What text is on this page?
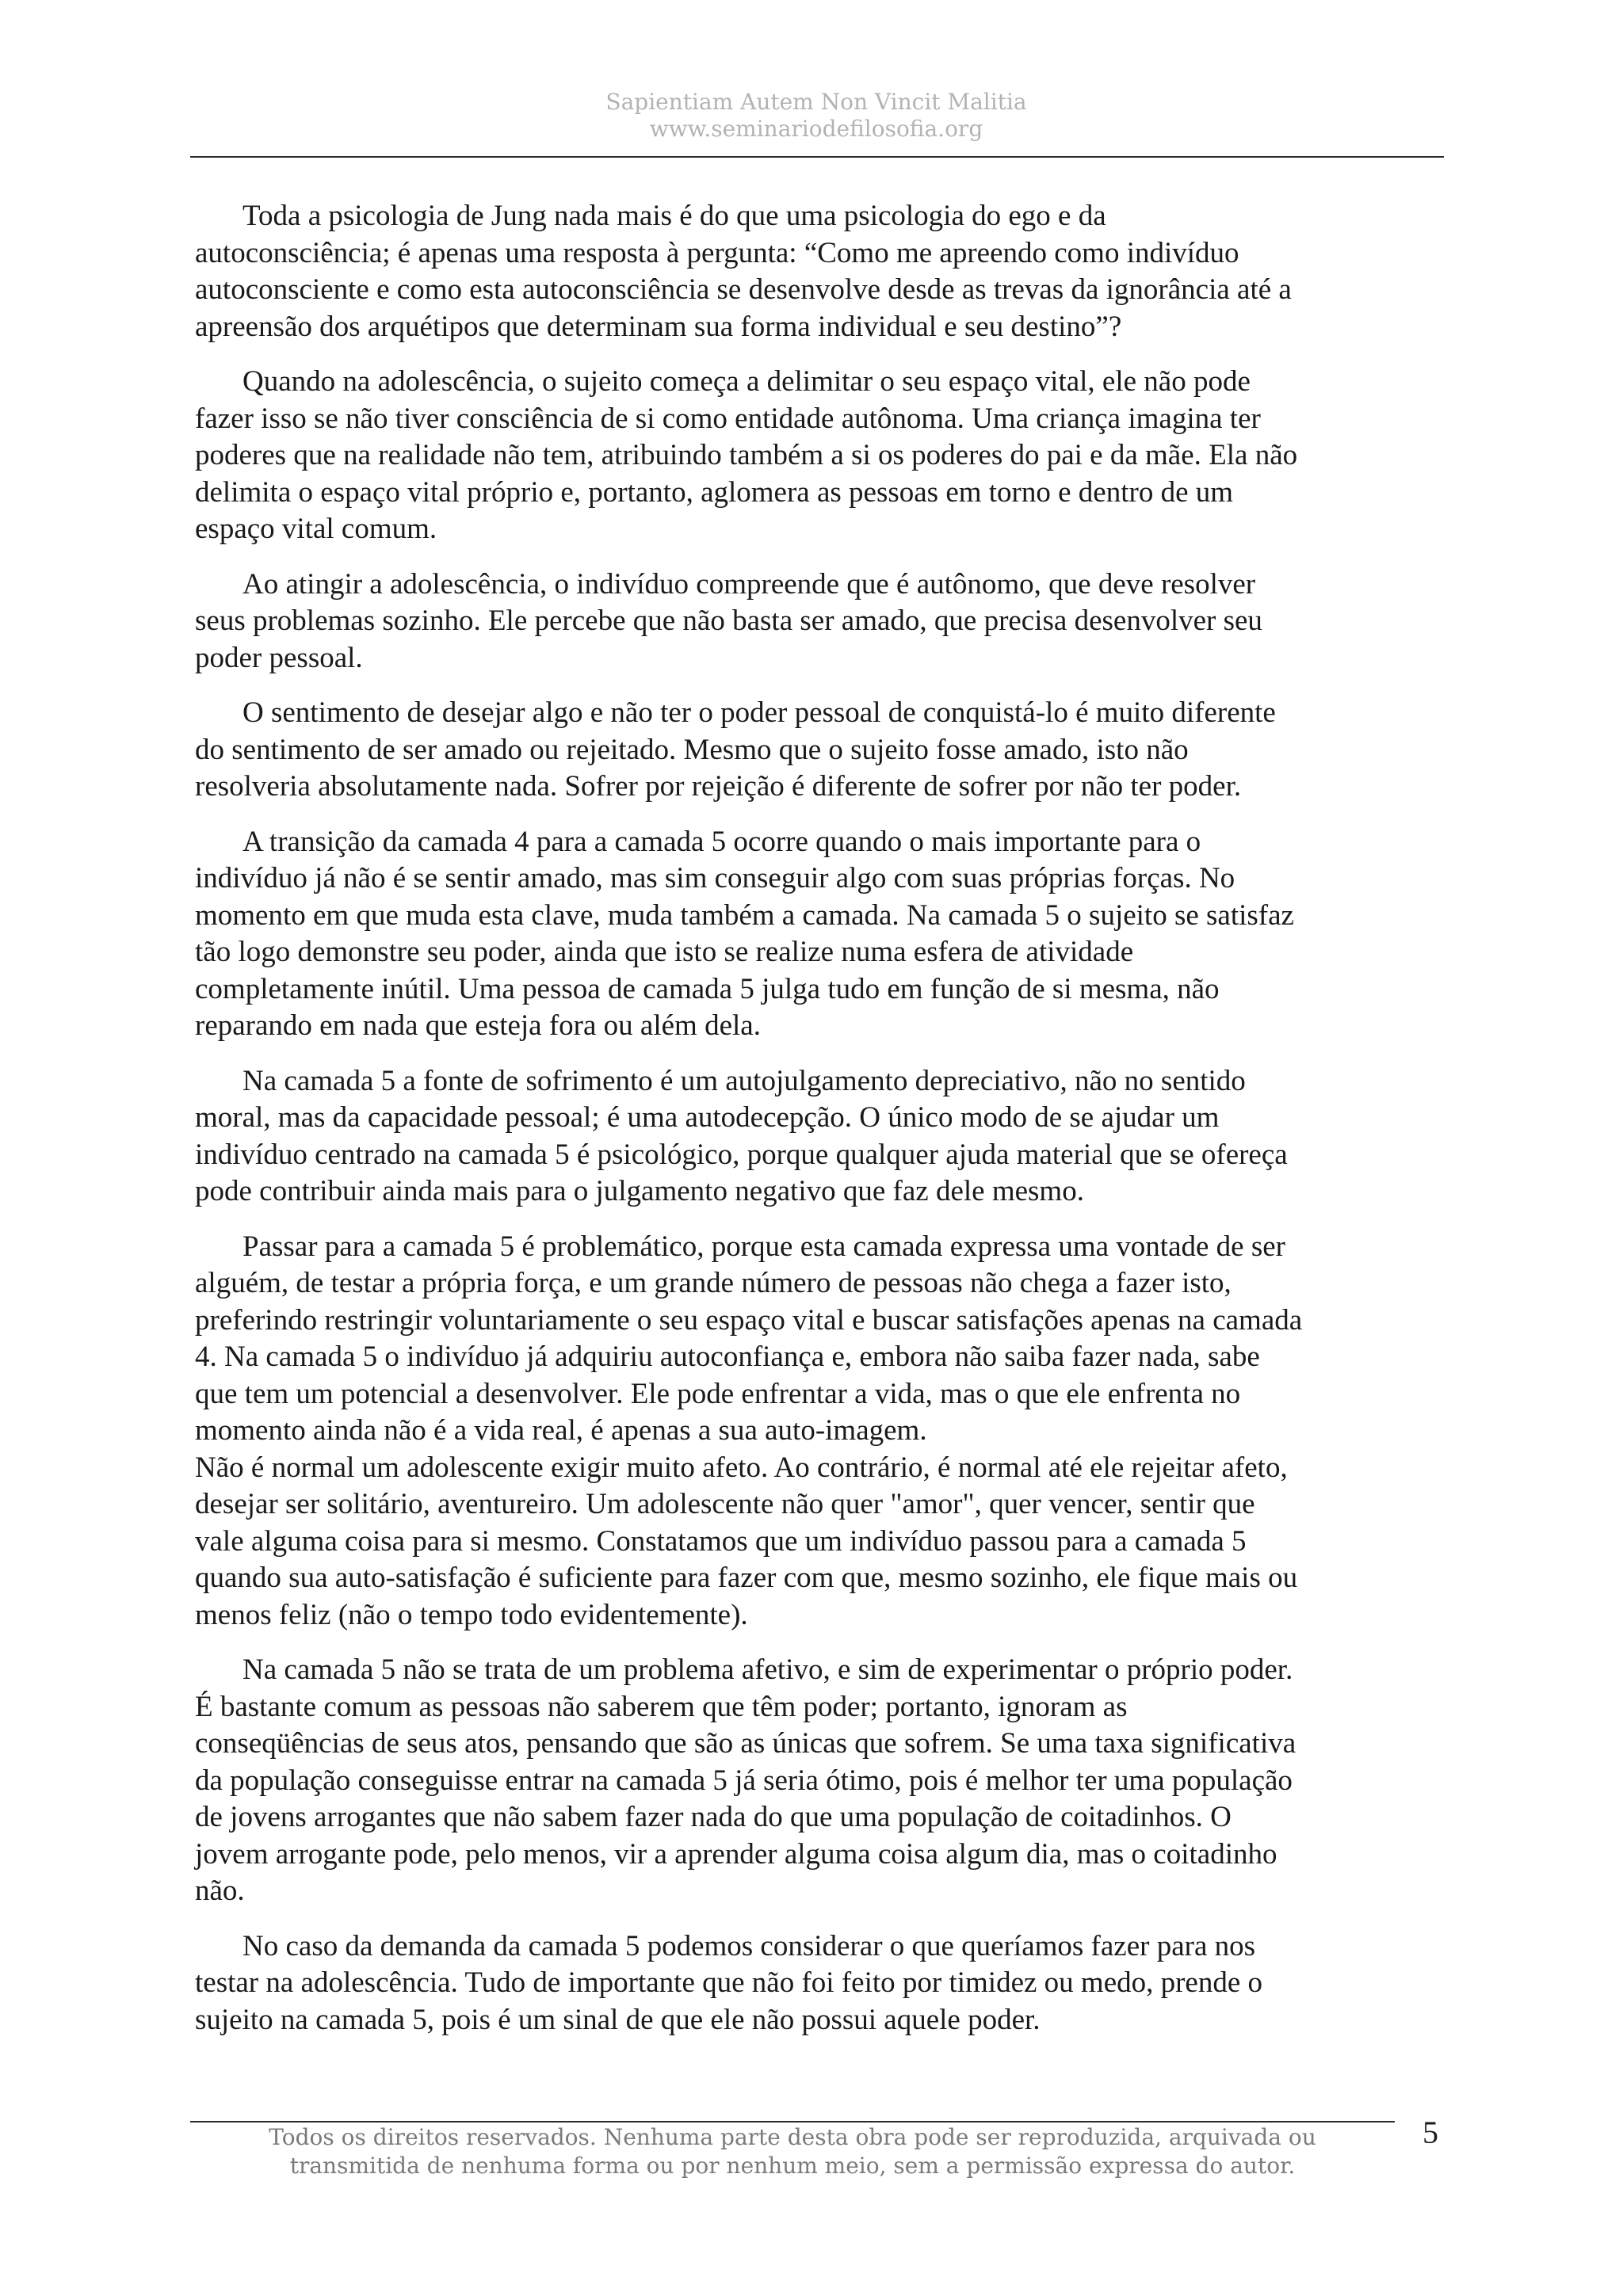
Sapientiam Autem Non Vincit Malitia
www.seminariodefilosofia.org

Toda a psicologia de Jung nada mais é do que uma psicologia do ego e da
autoconsciência; é apenas uma resposta à pergunta: “Como me apreendo como indivíduo
autoconsciente e como esta autoconsciência se desenvolve desde as trevas da ignorância até a
apreensão dos arquétipos que determinam sua forma individual e seu destino”?

Quando na adolescência, o sujeito começa a delimitar o seu espaço vital, ele não pode
fazer isso se não tiver consciência de si como entidade autônoma. Uma criança imagina ter
poderes que na realidade não tem, atribuindo também a si os poderes do pai e da mãe. Ela não
delimita o espaço vital próprio e, portanto, aglomera as pessoas em torno e dentro de um
espaço vital comum.

Ao atingir a adolescência, o indivíduo compreende que é autônomo, que deve resolver
seus problemas sozinho. Ele percebe que não basta ser amado, que precisa desenvolver seu
poder pessoal.

O sentimento de desejar algo e não ter o poder pessoal de conquistá-lo é muito diferente
do sentimento de ser amado ou rejeitado. Mesmo que o sujeito fosse amado, isto não
resolveria absolutamente nada. Sofrer por rejeição é diferente de sofrer por não ter poder.

A transição da camada 4 para a camada 5 ocorre quando o mais importante para o
indivíduo já não é se sentir amado, mas sim conseguir algo com suas próprias forças. No
momento em que muda esta clave, muda também a camada. Na camada 5 o sujeito se satisfaz
tão logo demonstre seu poder, ainda que isto se realize numa esfera de atividade
completamente inútil. Uma pessoa de camada 5 julga tudo em função de si mesma, não
reparando em nada que esteja fora ou além dela.

Na camada 5 a fonte de sofrimento é um autojulgamento depreciativo, não no sentido
moral, mas da capacidade pessoal; é uma autodecepção. O único modo de se ajudar um
indivíduo centrado na camada 5 é psicológico, porque qualquer ajuda material que se ofereça
pode contribuir ainda mais para o julgamento negativo que faz dele mesmo.

Passar para a camada 5 é problemático, porque esta camada expressa uma vontade de ser
alguém, de testar a própria força, e um grande número de pessoas não chega a fazer isto,
preferindo restringir voluntariamente o seu espaço vital e buscar satisfações apenas na camada
4. Na camada 5 o indivíduo já adquiriu autoconfiança e, embora não saiba fazer nada, sabe
que tem um potencial a desenvolver. Ele pode enfrentar a vida, mas o que ele enfrenta no
momento ainda não é a vida real, é apenas a sua auto-imagem.

Não é normal um adolescente exigir muito afeto. Ao contrário, é normal até ele rejeitar afeto,
desejar ser solitário, aventureiro. Um adolescente não quer "amor", quer vencer, sentir que
vale alguma coisa para si mesmo. Constatamos que um indivíduo passou para a camada 5
quando sua auto-satisfação é suficiente para fazer com que, mesmo sozinho, ele fique mais ou
menos feliz (não o tempo todo evidentemente).

Na camada 5 não se trata de um problema afetivo, e sim de experimentar o próprio poder.
É bastante comum as pessoas não saberem que têm poder; portanto, ignoram as
conseqüências de seus atos, pensando que são as únicas que sofrem. Se uma taxa significativa
da população conseguisse entrar na camada 5 já seria ótimo, pois é melhor ter uma população
de jovens arrogantes que não sabem fazer nada do que uma população de coitadinhos. O
jovem arrogante pode, pelo menos, vir a aprender alguma coisa algum dia, mas o coitadinho
não.

No caso da demanda da camada 5 podemos considerar o que queríamos fazer para nos
testar na adolescência. Tudo de importante que não foi feito por timidez ou medo, prende o
sujeito na camada 5, pois é um sinal de que ele não possui aquele poder.

Todos os direitos reservados. Nenhuma parte desta obra pode ser reproduzida, arquivada ou
transmitida de nenhuma forma ou por nenhum meio, sem a permissão expressa do autor.
5
